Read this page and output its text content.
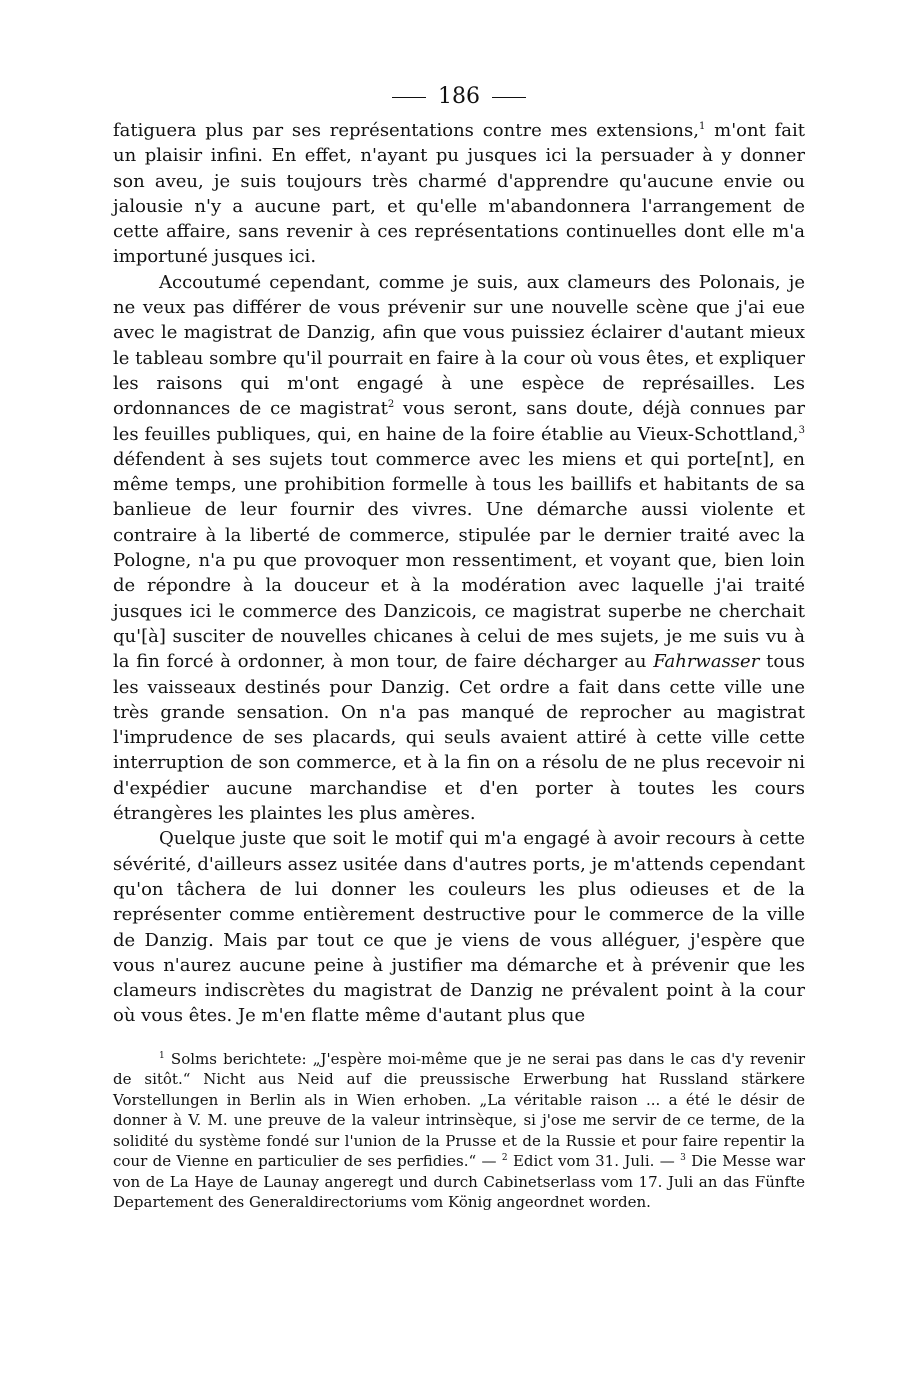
186

fatiguera plus par ses représentations contre mes extensions,$^1$ m'ont fait un plaisir infini. En effet, n'ayant pu jusques ici la persuader à y donner son aveu, je suis toujours très charmé d'apprendre qu'aucune envie ou jalousie n'y a aucune part, et qu'elle m'abandonnera l'arrangement de cette affaire, sans revenir à ces représentations continuelles dont elle m'a importuné jusques ici.

Accoutumé cependant, comme je suis, aux clameurs des Polonais, je ne veux pas différer de vous prévenir sur une nouvelle scène que j'ai eue avec le magistrat de Danzig, afin que vous puissiez éclairer d'autant mieux le tableau sombre qu'il pourrait en faire à la cour où vous êtes, et expliquer les raisons qui m'ont engagé à une espèce de représailles. Les ordonnances de ce magistrat$^2$ vous seront, sans doute, déjà connues par les feuilles publiques, qui, en haine de la foire établie au Vieux-Schottland,$^3$ défendent à ses sujets tout commerce avec les miens et qui porte[nt], en même temps, une prohibition formelle à tous les baillifs et habitants de sa banlieue de leur fournir des vivres. Une démarche aussi violente et contraire à la liberté de commerce, stipulée par le dernier traité avec la Pologne, n'a pu que provoquer mon ressentiment, et voyant que, bien loin de répondre à la douceur et à la modération avec laquelle j'ai traité jusques ici le commerce des Danzicois, ce magistrat superbe ne cherchait qu'[à] susciter de nouvelles chicanes à celui de mes sujets, je me suis vu à la fin forcé à ordonner, à mon tour, de faire décharger au Fahrwasser tous les vaisseaux destinés pour Danzig. Cet ordre a fait dans cette ville une très grande sensation. On n'a pas manqué de reprocher au magistrat l'imprudence de ses placards, qui seuls avaient attiré à cette ville cette interruption de son commerce, et à la fin on a résolu de ne plus recevoir ni d'expédier aucune marchandise et d'en porter à toutes les cours étrangères les plaintes les plus amères.

Quelque juste que soit le motif qui m'a engagé à avoir recours à cette sévérité, d'ailleurs assez usitée dans d'autres ports, je m'attends cependant qu'on tâchera de lui donner les couleurs les plus odieuses et de la représenter comme entièrement destructive pour le commerce de la ville de Danzig. Mais par tout ce que je viens de vous alléguer, j'espère que vous n'aurez aucune peine à justifier ma démarche et à prévenir que les clameurs indiscrètes du magistrat de Danzig ne prévalent point à la cour où vous êtes. Je m'en flatte même d'autant plus que

$^1$ Solms berichtete: „J'espère moi-même que je ne serai pas dans le cas d'y revenir de sitôt.“ Nicht aus Neid auf die preussische Erwerbung hat Russland stärkere Vorstellungen in Berlin als in Wien erhoben. „La véritable raison ... a été le désir de donner à V. M. une preuve de la valeur intrinsèque, si j'ose me servir de ce terme, de la solidité du système fondé sur l'union de la Prusse et de la Russie et pour faire repentir la cour de Vienne en particulier de ses perfidies.“ — $^2$ Edict vom 31. Juli. — $^3$ Die Messe war von de La Haye de Launay angeregt und durch Cabinetserlass vom 17. Juli an das Fünfte Departement des Generaldirectoriums vom König angeordnet worden.
